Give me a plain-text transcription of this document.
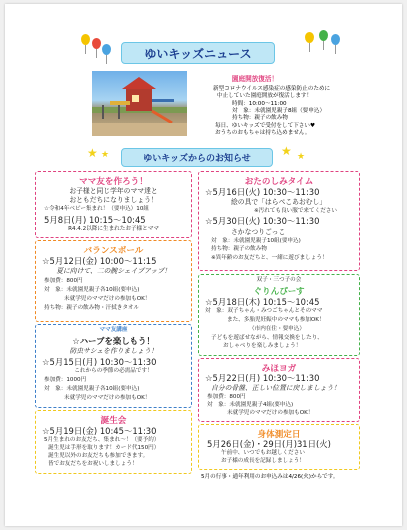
ゆいキッズニュース
園庭開放復活！
新型コロナウイルス感染症の感染防止のために
中止していた園庭開放が復活します！
時間：10:00～11:00
対　象：未就園児親子8組（要申込）
持ち物：親子の飲み物
毎日、ゆいキッズで受付をして下さい♥
おうちのおもちゃは持ち込めません。
★ ★	ゆいキッズからのお知らせ
★ ★
ママ友を作ろう！
お子様と同じ学年のママ達と
おともだちになりましょう！
☆令和4年ベビー集まれ！（要申込）10組
5月8日(月) 10:15～10:45
R4.4.2以降に生まれたお子様とママ
バランスボール
☆5月12日(金) 10:00～11:15
夏に向けて、二の腕シェイプアップ！
参加費：800円
対　象：未就園児親子各10組(要申込)
未就学児のママだけの参加もOK！
持ち物：親子の飲み物・汗拭きタオル
ママ友講座
☆ハーブを楽しもう！
防虫サシェを作りましょう！
☆5月15日(月) 10:30～11:30
これからの季節の必需品です！
参加費：1000円
対　象：未就園児親子各10組(要申込)
未就学児のママだけの参加もOK！
誕生会
☆5月19日(金) 10:45～11:30
5月生まれのお友だち、集まれ～！（要予約）
誕生児は手形を取ります！カード代150円）
誕生児以外のお友だちも参加できます。
皆でお友だちをお祝いしましょう！
おたのしみタイム
☆5月16日(火) 10:30～11:30
絵の具で「はらぺこあおむし」
※汚れても良い服で来てください
☆5月30日(火) 10:30～11:30
さかなつりごっこ
対　象：未就園児親子10組(要申込)
持ち物：親子の飲み物
※異年齢のお友だちと、一緒に遊びましょう！
双子・三つ子の会
ぐりんぴーす
☆5月18日(木) 10:15～10:45
対　象：双子ちゃん・みつごちゃんとそのママ
また、多胎児妊娠中のママも参加OK！
（市内在住・要申込）
子どもを遊ばせながら、情報交換をしたり、
おしゃべりを楽しみましょう！
みほヨガ
☆5月22日(月) 10:30～11:30
自分の骨盤、正しい位置に戻しましょう！
参加費：800円
対　象：未就園児親子4組(要申込)
未就学児のママだけの参加もOK！
身体測定日
5月26日(金)・29日(月)31日(火)
午前中、いつでもお越しください
お子様の成長を記録しましょう！
5月の行事・通年利用のお申込みは4/26(火)からです。
